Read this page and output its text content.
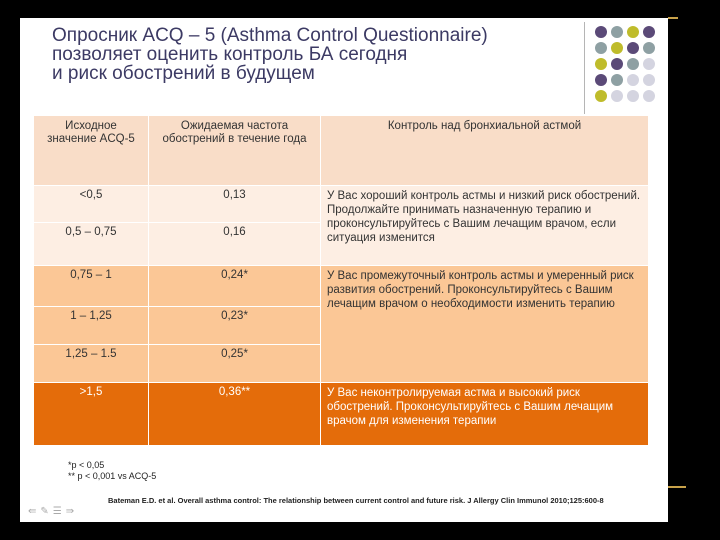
Опросник ACQ – 5 (Asthma Control Questionnaire)
позволяет оценить контроль БА сегодня
и риск обострений в будущем
Исходное значение ACQ-5	Ожидаемая частота обострений в течение года	Контроль над бронхиальной астмой
<0,5	0,13	У Вас хороший контроль астмы и низкий риск обострений. Продолжайте принимать назначенную терапию и проконсультируйтесь с Вашим лечащим врачом, если ситуация изменится
0,5 – 0,75	0,16	
0,75 – 1	0,24*	У Вас промежуточный контроль астмы и умеренный риск развития обострений. Проконсультируйтесь с Вашим лечащим врачом о необходимости изменить терапию
1 – 1,25	0,23*	
1,25 – 1.5	0,25*	
>1,5	0,36**	У Вас неконтролируемая астма и высокий риск обострений. Проконсультируйтесь с Вашим лечащим врачом для изменения терапии
*p < 0,05
** p < 0,001 vs ACQ-5
Bateman E.D. et al. Overall asthma control: The relationship between current control and future risk. J Allergy Clin Immunol 2010;125:600-8
⇚✎☰⇛
